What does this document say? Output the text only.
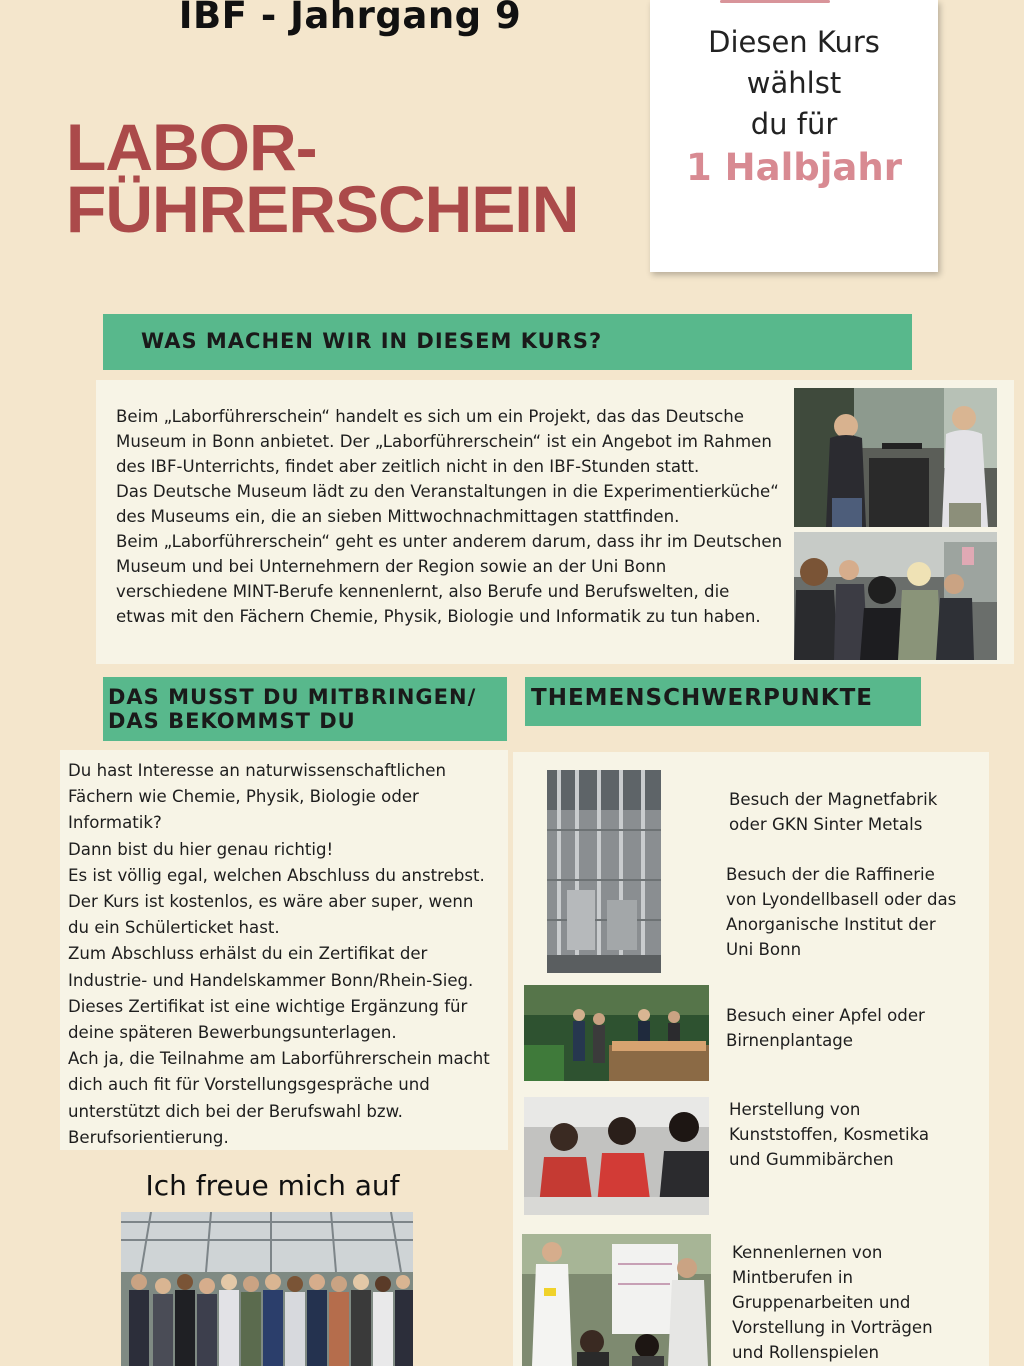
IBF - Jahrgang 9
LABOR-
FÜHRERSCHEIN
Diesen Kurs
wählst
du für
1 Halbjahr
WAS MACHEN WIR IN DIESEM KURS?
Beim „Laborführerschein“ handelt es sich um ein Projekt, das das Deutsche
Museum in Bonn anbietet. Der „Laborführerschein“ ist ein Angebot im Rahmen
des IBF-Unterrichts, findet aber zeitlich nicht in den IBF-Stunden statt.
Das Deutsche Museum lädt zu den Veranstaltungen in die Experimentierküche“
des Museums ein, die an sieben Mittwochnachmittagen stattfinden.
Beim „Laborführerschein“ geht es unter anderem darum, dass ihr im Deutschen
Museum und bei Unternehmern der Region sowie an der Uni Bonn
verschiedene MINT-Berufe kennenlernt, also Berufe und Berufswelten, die
etwas mit den Fächern Chemie, Physik, Biologie und Informatik zu tun haben.
DAS MUSST DU MITBRINGEN/
DAS BEKOMMST DU
Du hast Interesse an naturwissenschaftlichen
Fächern wie Chemie, Physik, Biologie oder
Informatik?
Dann bist du hier genau richtig!
Es ist völlig egal, welchen Abschluss du anstrebst.
Der Kurs ist kostenlos, es wäre aber super, wenn
du ein Schülerticket hast.
Zum Abschluss erhälst du ein Zertifikat der
Industrie- und Handelskammer Bonn/Rhein-Sieg.
Dieses Zertifikat ist eine wichtige Ergänzung für
deine späteren Bewerbungsunterlagen.
Ach ja, die Teilnahme am Laborführerschein macht
dich auch fit für Vorstellungsgespräche und
unterstützt dich bei der Berufswahl bzw.
Berufsorientierung.
Ich freue mich auf

THEMENSCHWERPUNKTE
Besuch der Magnetfabrik
oder GKN Sinter Metals
Besuch der die Raffinerie
von Lyondellbasell oder das
Anorganische Institut der
Uni Bonn
Besuch einer Apfel oder
Birnenplantage
Herstellung von
Kunststoffen, Kosmetika
und Gummibärchen
Kennenlernen von
Mintberufen in
Gruppenarbeiten und
Vorstellung in Vorträgen
und Rollenspielen
